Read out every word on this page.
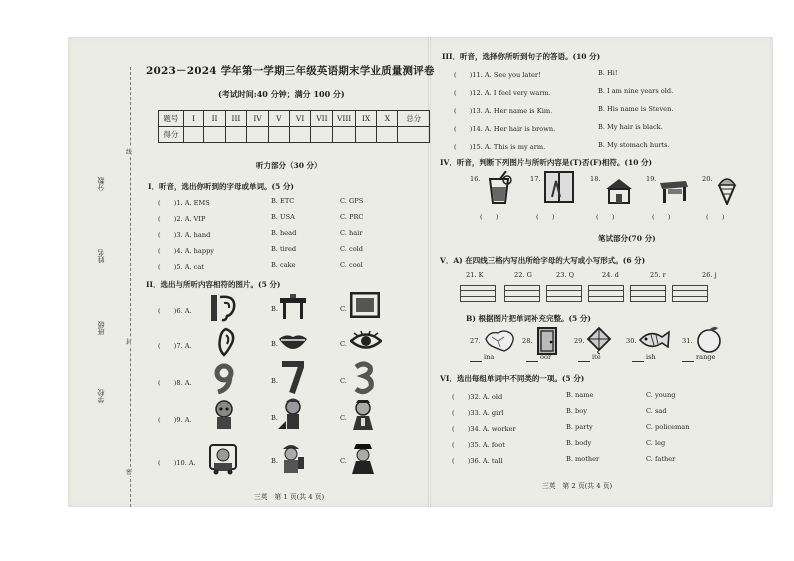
分数
姓名
班级
学校
线
封
密
2023－2024 学年第一学期三年级英语期末学业质量测评卷
(考试时间:40 分钟；满分 100 分)
题号	I	II	III	IV	V	VI	VII	VIII	IX	X	总分
得分											
听力部分（30 分）
I．听音，选出你听到的字母或单词。(5 分)
(　　)1. A. EMS	B. ETC	C. GPS
(　　)2. A. VIP	B. USA	C. PRC
(　　)3. A. hand	B. head	C. hair
(　　)4. A. happy	B. tired	C. cold
(　　)5. A. cat	B. cake	C. cool
II．选出与所听内容相符的图片。(5 分)
(　　)6. A.	B.	C.
(　　)7. A.	B.	C.
(　　)8. A.	B.	C.
(　　)9. A.	B.	C.
(　　)10. A.	B.	C.
三英　第 1 页(共 4 页)
III．听音，选择你所听到句子的答语。(10 分)
(　　)11. A. See you later!	B. Hi!
(　　)12. A. I feel very warm.	B. I am nine years old.
(　　)13. A. Her name is Kim.	B. His name is Steven.
(　　)14. A. Her hair is brown.	B. My hair is black.
(　　)15. A. This is my arm.	B. My stomach hurts.
IV．听音，判断下列图片与所听内容是(T)否(F)相符。(10 分)
16.	17.	18.	19.	20.
(　　)	(　　)	(　　)	(　　)	(　　)
笔试部分(70 分)
V．A) 在四线三格内写出所给字母的大写或小写形式。(6 分)
21. K	22. G	23. Q	24. d	25. r	26. j
B) 根据图片把单词补充完整。(5 分)
27.	28.	29.	30.	31.
ina	oor	ite	ish	range
VI．选出每组单词中不同类的一项。(5 分)
(　　)32. A. old	B. name	C. young
(　　)33. A. girl	B. boy	C. sad
(　　)34. A. worker	B. party	C. policeman
(　　)35. A. foot	B. body	C. leg
(　　)36. A. tall	B. mother	C. father
三英　第 2 页(共 4 页)
